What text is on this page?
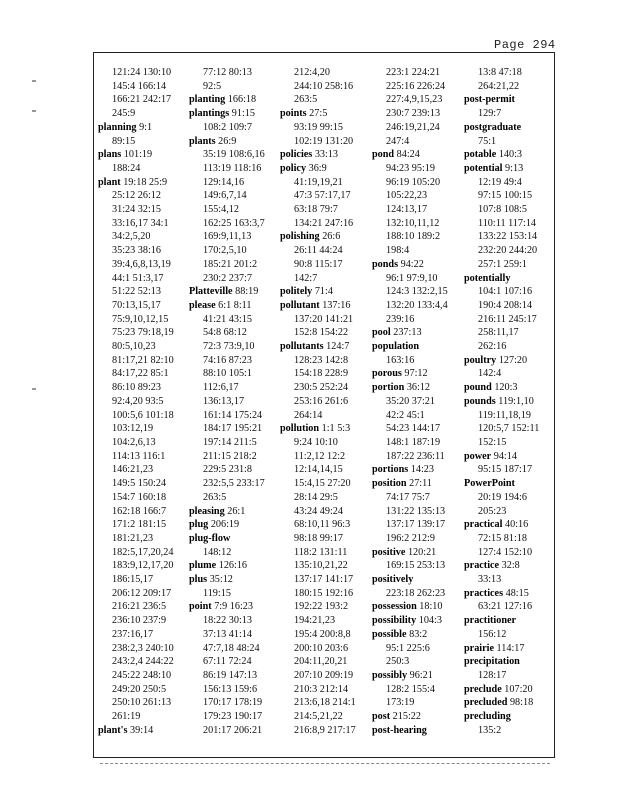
Page 294
121:24 130:10
145:4 166:14
166:21 242:17
245:9
planning 9:1
89:15
plans 101:19
188:24
plant 19:18 25:9
25:12 26:12
31:24 32:15
33:16,17 34:1
34:2,5,20
35:23 38:16
39:4,6,8,13,19
44:1 51:3,17
51:22 52:13
70:13,15,17
75:9,10,12,15
75:23 79:18,19
80:5,10,23
81:17,21 82:10
84:17,22 85:1
86:10 89:23
92:4,20 93:5
100:5,6 101:18
103:12,19
104:2,6,13
114:13 116:1
146:21,23
149:5 150:24
154:7 160:18
162:18 166:7
171:2 181:15
181:21,23
182:5,17,20,24
183:9,12,17,20
186:15,17
206:12 209:17
216:21 236:5
236:10 237:9
237:16,17
238:2,3 240:10
243:2,4 244:22
245:22 248:10
249:20 250:5
250:10 261:13
261:19
plant's 39:14
77:12 80:13
92:5
planting 166:18
plantings 91:15
108:2 109:7
plants 26:9
35:19 108:6,16
113:19 118:16
129:14,16
149:6,7,14
155:4,12
162:25 163:3,7
169:9,11,13
170:2,5,10
185:21 201:2
230:2 237:7
Platteville 88:19
please 6:1 8:11
41:21 43:15
54:8 68:12
72:3 73:9,10
74:16 87:23
88:10 105:1
112:6,17
136:13,17
161:14 175:24
184:17 195:21
197:14 211:5
211:15 218:2
229:5 231:8
232:5,5 233:17
263:5
pleasing 26:1
plug 206:19
plug-flow
148:12
plume 126:16
plus 35:12
119:15
point 7:9 16:23
18:22 30:13
37:13 41:14
47:7,18 48:24
67:11 72:24
86:19 147:13
156:13 159:6
170:17 178:19
179:23 190:17
201:17 206:21
212:4,20
244:10 258:16
263:5
points 27:5
93:19 99:15
102:19 131:20
policies 33:13
policy 36:9
41:19,19,21
47:3 57:17,17
63:18 79:7
134:21 247:16
polishing 26:6
26:11 44:24
90:8 115:17
142:7
politely 71:4
pollutant 137:16
137:20 141:21
152:8 154:22
pollutants 124:7
128:23 142:8
154:18 228:9
230:5 252:24
253:16 261:6
264:14
pollution 1:1 5:3
9:24 10:10
11:2,12 12:2
12:14,14,15
15:4,15 27:20
28:14 29:5
43:24 49:24
68:10,11 96:3
98:18 99:17
118:2 131:11
135:10,21,22
137:17 141:17
180:15 192:16
192:22 193:2
194:21,23
195:4 200:8,8
200:10 203:6
204:11,20,21
207:10 209:19
210:3 212:14
213:6,18 214:1
214:5,21,22
216:8,9 217:17
223:1 224:21
225:16 226:24
227:4,9,15,23
230:7 239:13
246:19,21,24
247:4
pond 84:24
94:23 95:19
96:19 105:20
105:22,23
124:13,17
132:10,11,12
188:10 189:2
198:4
ponds 94:22
96:1 97:9,10
124:3 132:2,15
132:20 133:4,4
239:16
pool 237:13
population
163:16
porous 97:12
portion 36:12
35:20 37:21
42:2 45:1
54:23 144:17
148:1 187:19
187:22 236:11
portions 14:23
position 27:11
74:17 75:7
131:22 135:13
137:17 139:17
196:2 212:9
positive 120:21
169:15 253:13
positively
223:18 262:23
possession 18:10
possibility 104:3
possible 83:2
95:1 225:6
250:3
possibly 96:21
128:2 155:4
173:19
post 215:22
post-hearing
13:8 47:18
264:21,22
post-permit
129:7
postgraduate
75:1
potable 140:3
potential 9:13
12:19 49:4
97:15 100:15
107:8 108:5
110:11 117:14
133:22 153:14
232:20 244:20
257:1 259:1
potentially
104:1 107:16
190:4 208:14
216:11 245:17
258:11,17
262:16
poultry 127:20
142:4
pound 120:3
pounds 119:1,10
119:11,18,19
120:5,7 152:11
152:15
power 94:14
95:15 187:17
PowerPoint
20:19 194:6
205:23
practical 40:16
72:15 81:18
127:4 152:10
practice 32:8
33:13
practices 48:15
63:21 127:16
practitioner
156:12
prairie 114:17
precipitation
128:17
preclude 107:20
precluded 98:18
precluding
135:2
